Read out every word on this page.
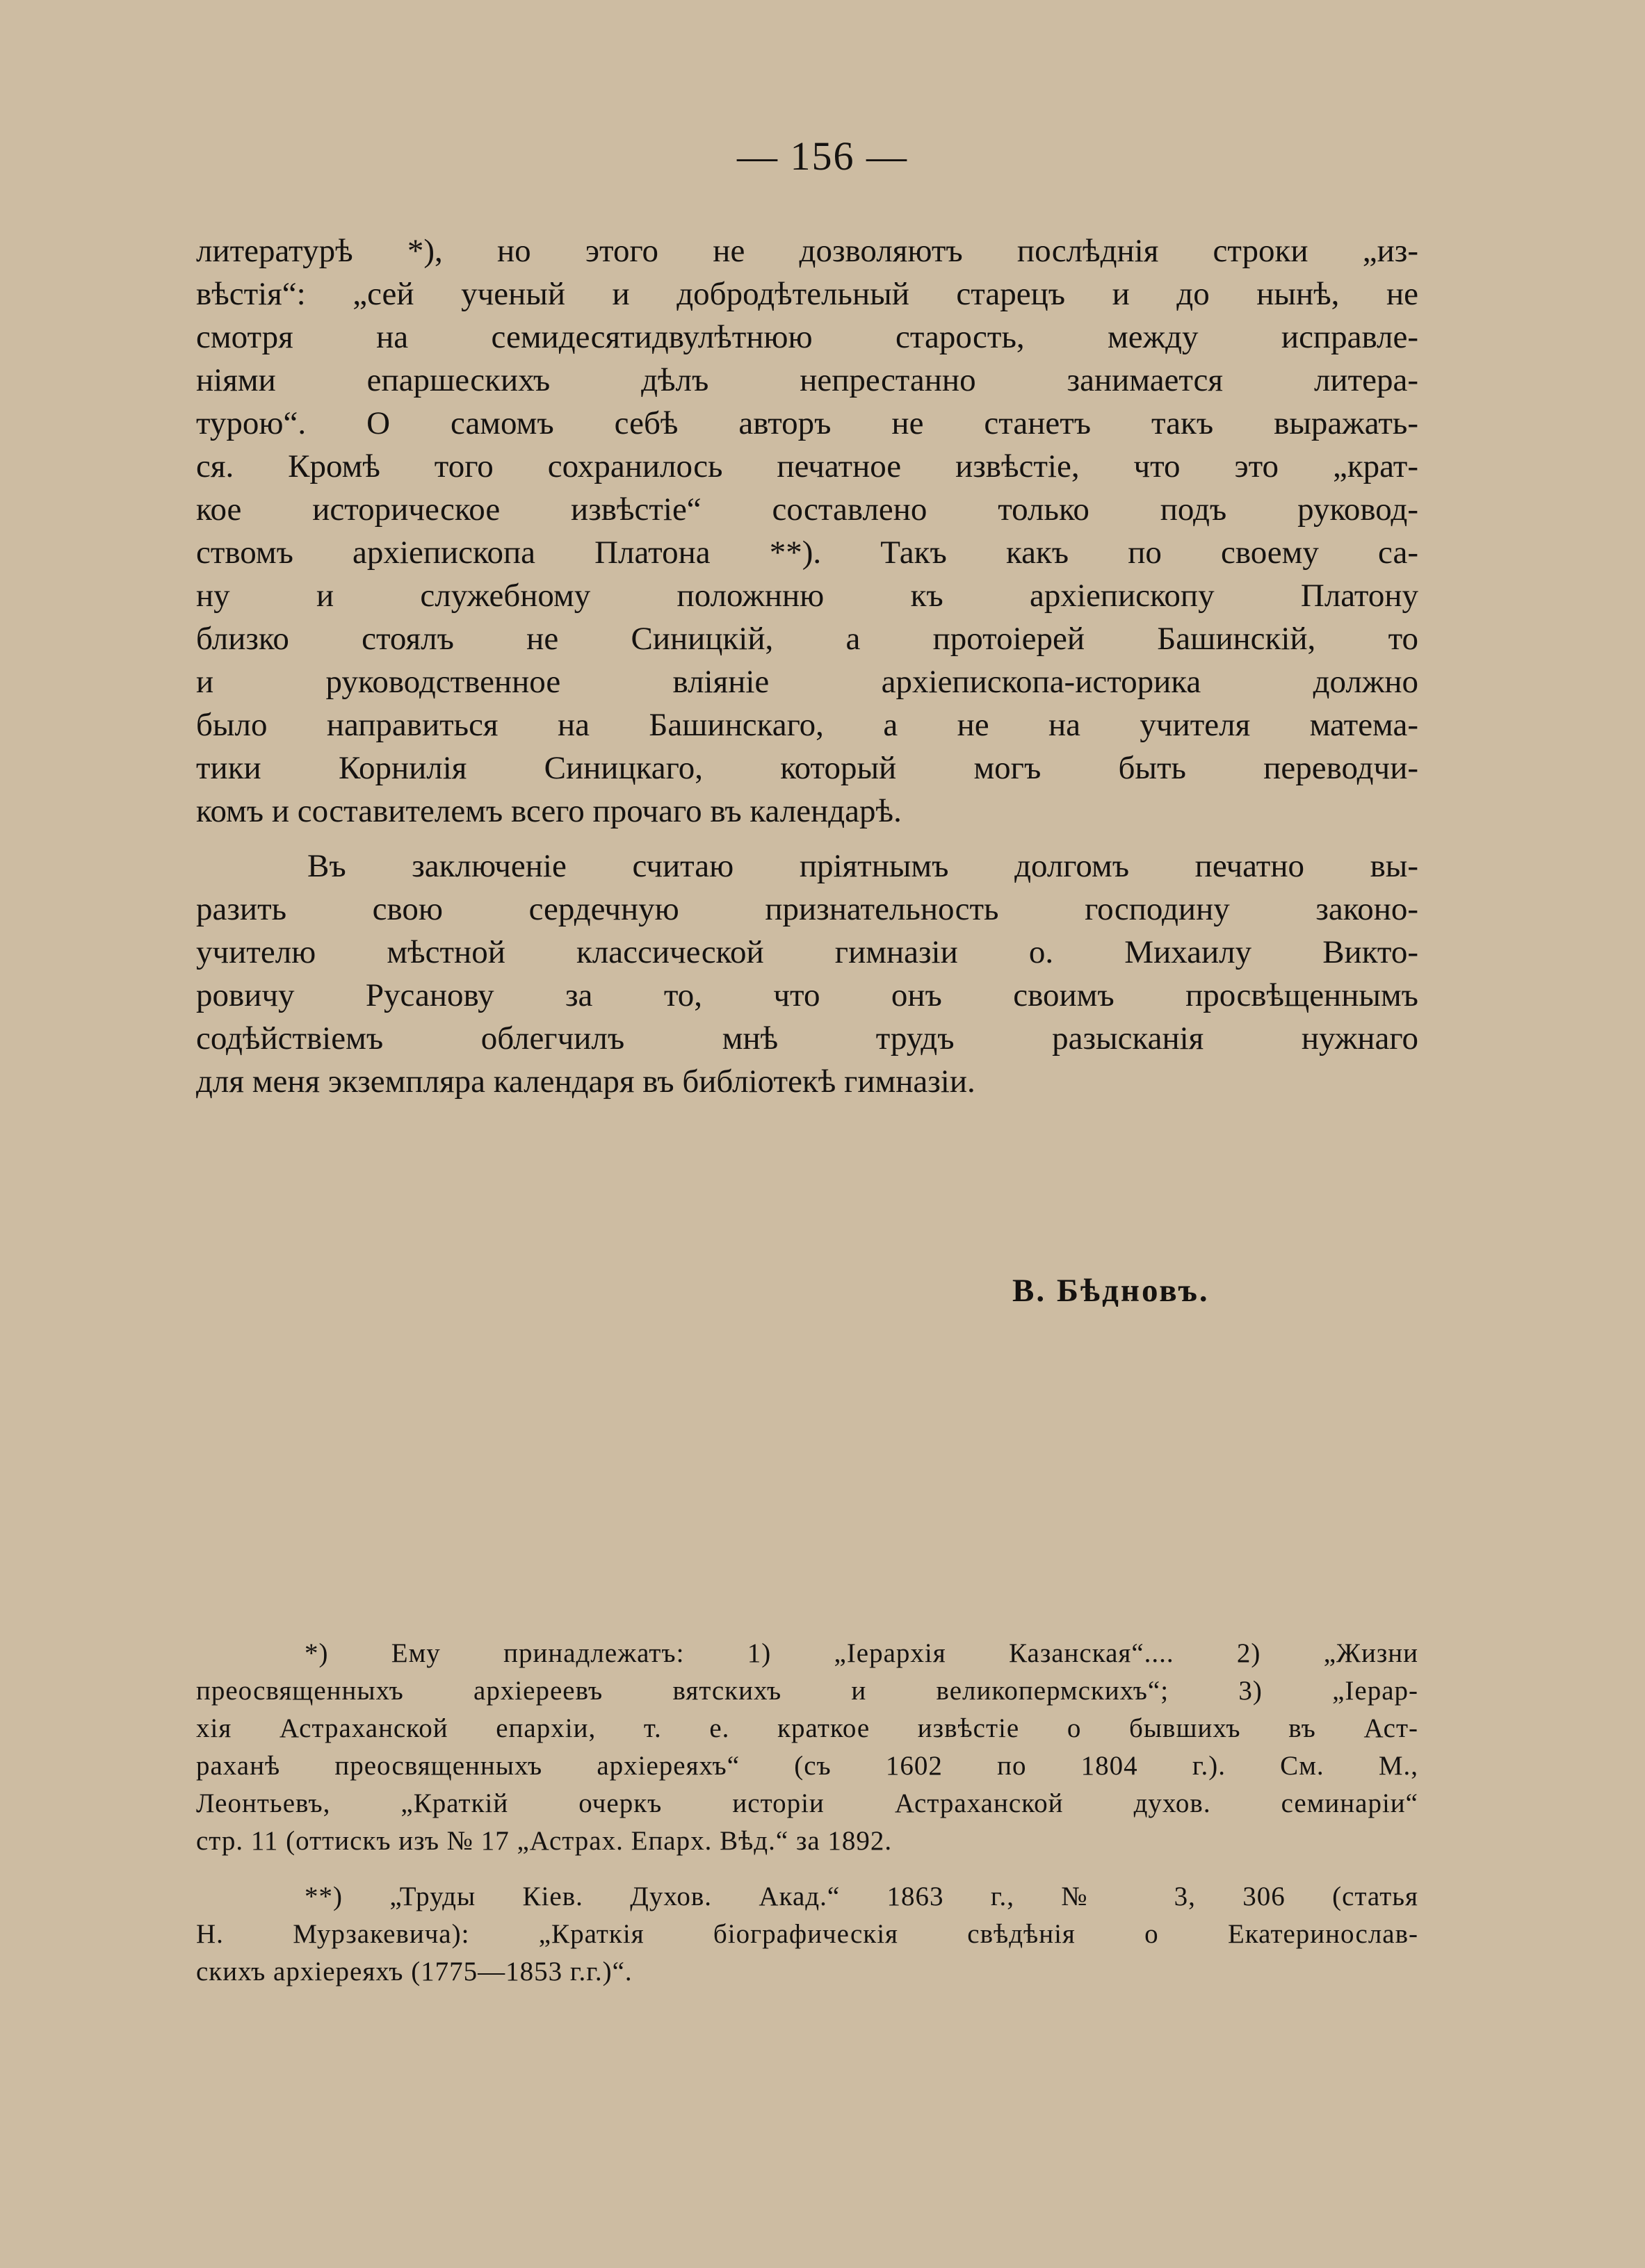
— 156 —
литературѣ *), но этого не дозволяютъ послѣднія строки „из-
вѣстія“: „сей ученый и добродѣтельный старецъ и до нынѣ, не
смотря на семидесятидвулѣтнюю старость, между исправле-
ніями епаршескихъ дѣлъ непрестанно занимается литера-
турою“. О самомъ себѣ авторъ не станетъ такъ выражать-
ся. Кромѣ того сохранилось печатное извѣстіе, что это „крат-
кое историческое извѣстіе“ составлено только подъ руковод-
ствомъ архіепископа Платона **). Такъ какъ по своему са-
ну и служебному положнню къ архіепископу Платону
близко стоялъ не Синицкій, а протоіерей Башинскій, то
и руководственное вліяніе архіепископа-историка должно
было направиться на Башинскаго, а не на учителя матема-
тики Корнилія Синицкаго, который могъ быть переводчи-
комъ и составителемъ всего прочаго въ календарѣ.
Въ заключеніе считаю пріятнымъ долгомъ печатно вы-
разить свою сердечную признательность господину законо-
учителю мѣстной классической гимназіи о. Михаилу Викто-
ровичу Русанову за то, что онъ своимъ просвѣщеннымъ
содѣйствіемъ облегчилъ мнѣ трудъ разысканія нужнаго
для меня экземпляра календаря въ библіотекѣ гимназіи.
В. Бѣдновъ.
*) Ему принадлежатъ: 1) „Іерархія Казанская“.... 2) „Жизни
преосвященныхъ архіереевъ вятскихъ и великопермскихъ“; 3) „Іерар-
хія Астраханской епархіи, т. е. краткое извѣстіе о бывшихъ въ Аст-
раханѣ преосвященныхъ архіереяхъ“ (съ 1602 по 1804 г.). См. М.,
Леонтьевъ, „Краткій очеркъ исторіи Астраханской духов. семинаріи“
стр. 11 (оттискъ изъ № 17 „Астрах. Епарх. Вѣд.“ за 1892.
**) „Труды Кіев. Духов. Акад.“ 1863 г., № 3, 306 (статья
Н. Мурзакевича): „Краткія біографическія свѣдѣнія о Екатеринослав-
скихъ архіереяхъ (1775—1853 г.г.)“.
